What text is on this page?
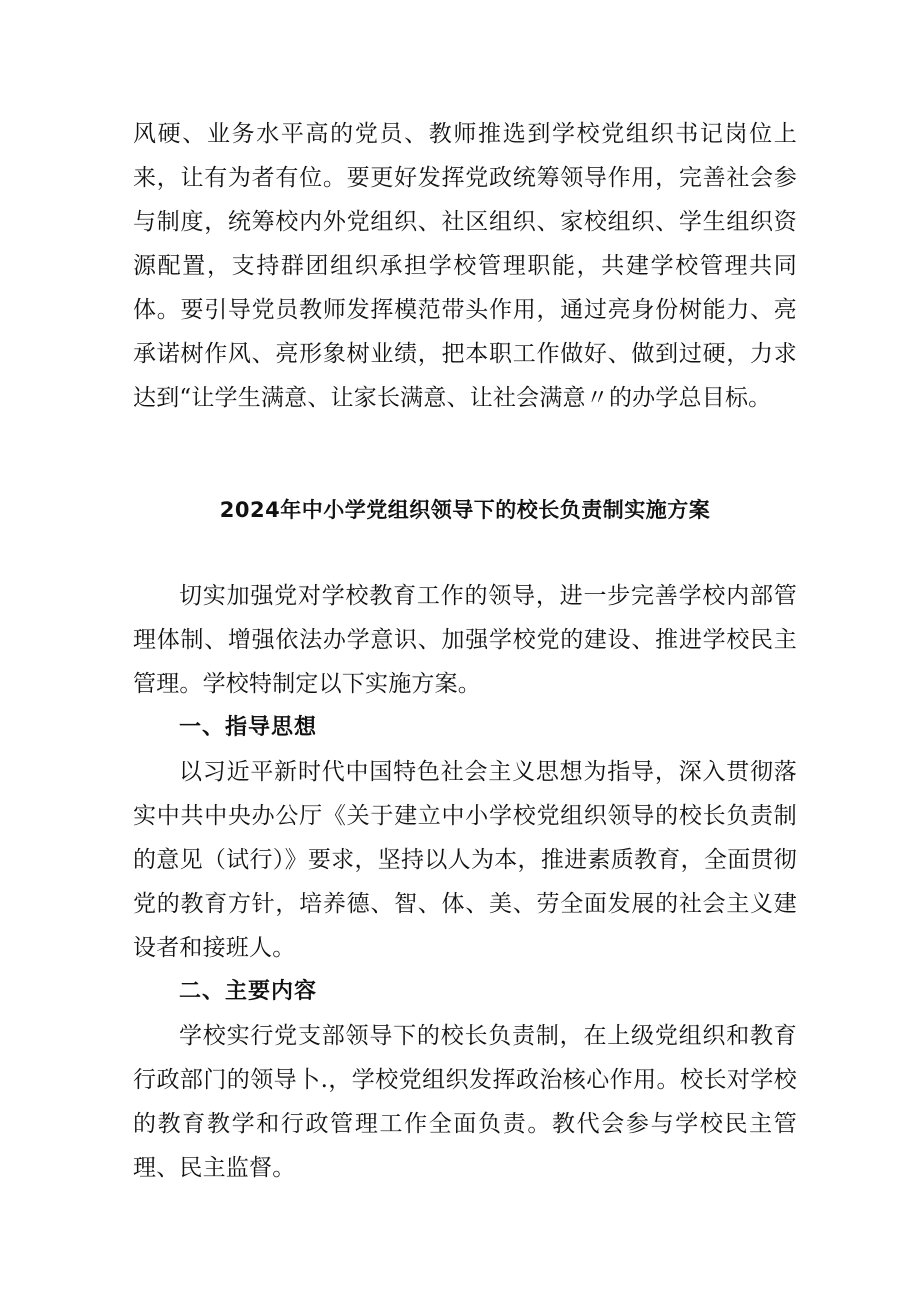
风硬、业务水平高的党员、教师推选到学校党组织书记岗位上来，让有为者有位。要更好发挥党政统筹领导作用，完善社会参与制度，统筹校内外党组织、社区组织、家校组织、学生组织资源配置，支持群团组织承担学校管理职能，共建学校管理共同体。要引导党员教师发挥模范带头作用，通过亮身份树能力、亮承诺树作风、亮形象树业绩，把本职工作做好、做到过硬，力求达到“让学生满意、让家长满意、让社会满意〃的办学总目标。

2024年中小学党组织领导下的校长负责制实施方案

切实加强党对学校教育工作的领导，进一步完善学校内部管理体制、增强依法办学意识、加强学校党的建设、推进学校民主管理。学校特制定以下实施方案。

一、指导思想

以习近平新时代中国特色社会主义思想为指导，深入贯彻落实中共中央办公厅《关于建立中小学校党组织领导的校长负责制的意见（试行）》要求，坚持以人为本，推进素质教育，全面贯彻党的教育方针，培养德、智、体、美、劳全面发展的社会主义建设者和接班人。

二、主要内容

学校实行党支部领导下的校长负责制，在上级党组织和教育行政部门的领导卜.，学校党组织发挥政治核心作用。校长对学校的教育教学和行政管理工作全面负责。教代会参与学校民主管理、民主监督。
